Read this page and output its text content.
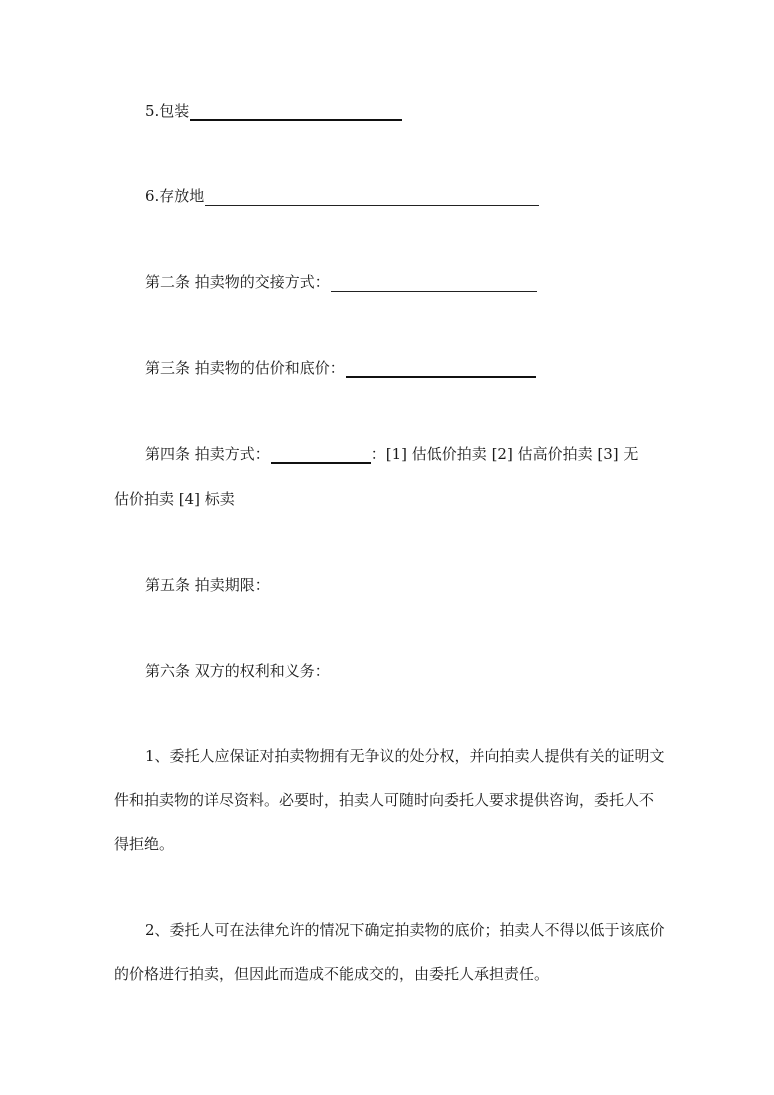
5.包装
6.存放地
第二条 拍卖物的交接方式：
第三条 拍卖物的估价和底价：
第四条 拍卖方式：	：[1] 估低价拍卖 [2] 估高价拍卖 [3] 无
估价拍卖 [4] 标卖
第五条 拍卖期限：
第六条 双方的权利和义务：
1、委托人应保证对拍卖物拥有无争议的处分权，并向拍卖人提供有关的证明文
件和拍卖物的详尽资料。必要时，拍卖人可随时向委托人要求提供咨询，委托人不
得拒绝。
2、委托人可在法律允许的情况下确定拍卖物的底价；拍卖人不得以低于该底价
的价格进行拍卖，但因此而造成不能成交的，由委托人承担责任。
